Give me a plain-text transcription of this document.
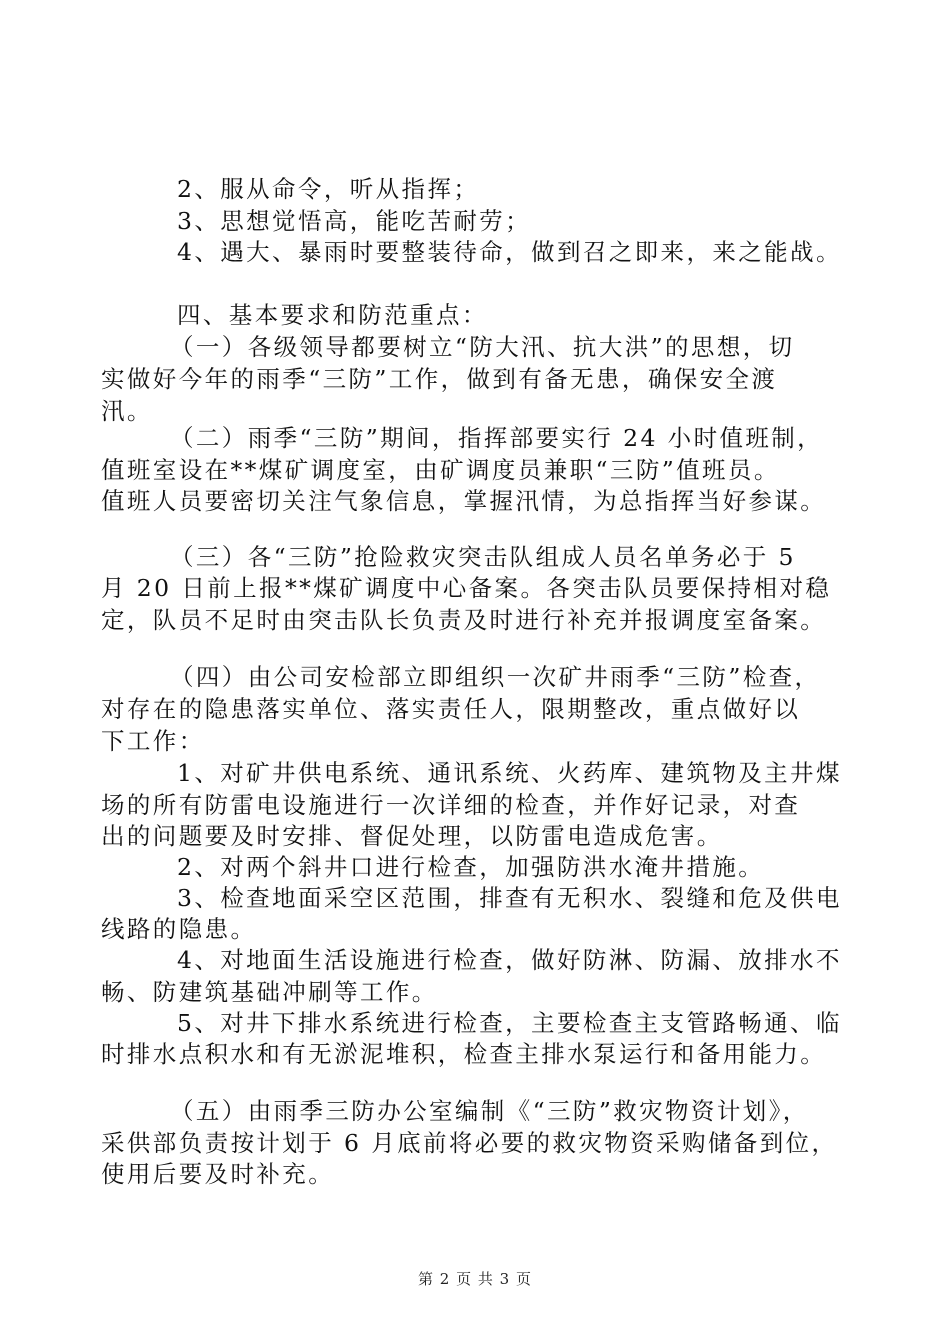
2、服从命令，听从指挥；
3、思想觉悟高，能吃苦耐劳；
4、遇大、暴雨时要整装待命，做到召之即来，来之能战。
四、基本要求和防范重点：
（一）各级领导都要树立“防大汛、抗大洪”的思想，切
实做好今年的雨季“三防”工作，做到有备无患，确保安全渡
汛。
（二）雨季“三防”期间，指挥部要实行 24 小时值班制，
值班室设在**煤矿调度室，由矿调度员兼职“三防”值班员。
值班人员要密切关注气象信息，掌握汛情，为总指挥当好参谋。
（三）各“三防”抢险救灾突击队组成人员名单务必于 5
月 20 日前上报**煤矿调度中心备案。各突击队员要保持相对稳
定，队员不足时由突击队长负责及时进行补充并报调度室备案。
（四）由公司安检部立即组织一次矿井雨季“三防”检查，
对存在的隐患落实单位、落实责任人，限期整改，重点做好以
下工作：
1、对矿井供电系统、通讯系统、火药库、建筑物及主井煤
场的所有防雷电设施进行一次详细的检查，并作好记录，对查
出的问题要及时安排、督促处理，以防雷电造成危害。
2、对两个斜井口进行检查，加强防洪水淹井措施。
3、检查地面采空区范围，排查有无积水、裂缝和危及供电
线路的隐患。
4、对地面生活设施进行检查，做好防淋、防漏、放排水不
畅、防建筑基础冲刷等工作。
5、对井下排水系统进行检查，主要检查主支管路畅通、临
时排水点积水和有无淤泥堆积，检查主排水泵运行和备用能力。
（五）由雨季三防办公室编制《“三防”救灾物资计划》，
采供部负责按计划于 6 月底前将必要的救灾物资采购储备到位，
使用后要及时补充。
第 2 页 共 3 页
